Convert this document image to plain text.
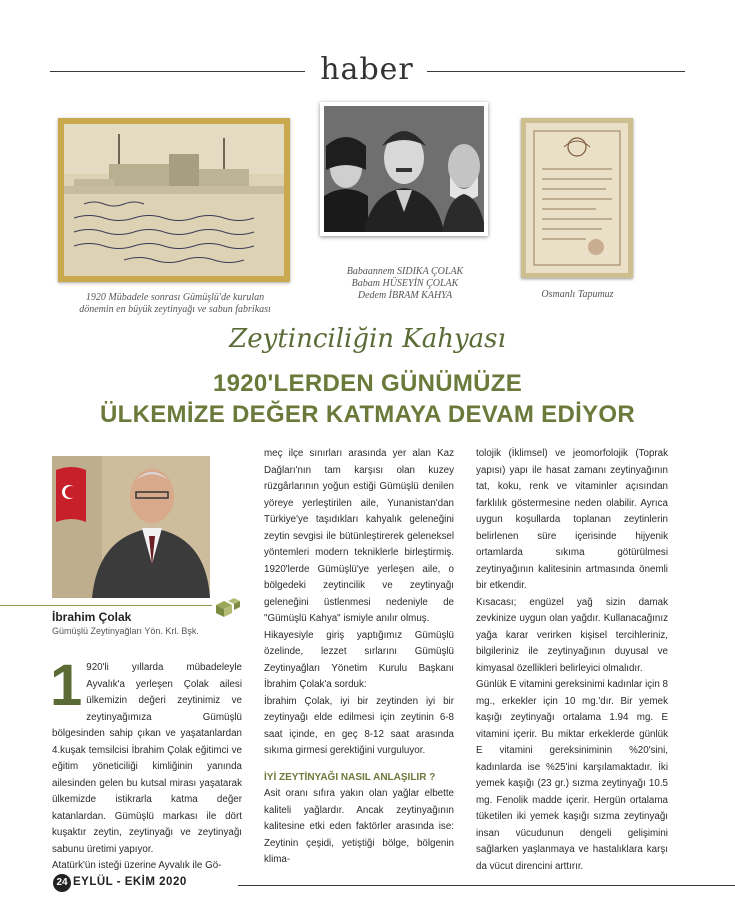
haber
1920 Mübadele sonrası Gümüşlü'de kurulan
dönemin en büyük zeytinyağı ve sabun fabrikası
Babaannem SIDIKA ÇOLAK
Babam HÜSEYİN ÇOLAK
Dedem İBRAM KAHYA	Osmanlı Tapumuz
Zeytinciliğin Kahyası
1920'LERDEN GÜNÜMÜZE
ÜLKEMİZE DEĞER KATMAYA DEVAM EDİYOR
İbrahim Çolak
Gümüşlü Zeytinyağları Yön. Krl. Bşk.

1 920'li yıllarda mübadeleyle Ayvalık'a yerleşen Çolak ailesi ülkemizin değeri zeytinimiz ve zeytinyağımıza Gümüşlü bölgesinden sahip çıkan ve yaşatanlardan 4.kuşak temsilcisi İbrahim Çolak eğitimci ve eğitim yöneticiliği kimliğinin yanında ailesinden gelen bu kutsal mirası yaşatarak ülkemizde istikrarla katma değer katanlardan. Gümüşlü markası ile dört kuşaktır zeytin, zeytinyağı ve zeytinyağı sabunu üretimi yapıyor.

Atatürk'ün isteği üzerine Ayvalık ile Gö-

meç ilçe sınırları arasında yer alan Kaz Dağları'nın tam karşısı olan kuzey rüzgârlarının yoğun estiği Gümüşlü denilen yöreye yerleştirilen aile, Yunanistan'dan Türkiye'ye taşıdıkları kahyalık geleneğini zeytin sevgisi ile bütünleştirerek geleneksel yöntemleri modern tekniklerle birleştirmiş. 1920'lerde Gümüşlü'ye yerleşen aile, o bölgedeki zeytincilik ve zeytinyağı geleneğini üstlenmesi nedeniyle de "Gümüşlü Kahya" ismiyle anılır olmuş.

Hikayesiyle giriş yaptığımız Gümüşlü özelinde, lezzet sırlarını Gümüşlü Zeytinyağları Yönetim Kurulu Başkanı İbrahim Çolak'a sorduk:

İbrahim Çolak, iyi bir zeytinden iyi bir zeytinyağı elde edilmesi için zeytinin 6-8 saat içinde, en geç 8-12 saat arasında sıkıma girmesi gerektiğini vurguluyor.

İYİ ZEYTİNYAĞI NASIL ANLAŞILIR ?

Asit oranı sıfıra yakın olan yağlar elbette kaliteli yağlardır. Ancak zeytinyağının kalitesine etki eden faktörler arasında ise: Zeytinin çeşidi, yetiştiği bölge, bölgenin klima-

tolojik (İklimsel) ve jeomorfolojik (Toprak yapısı) yapı ile hasat zamanı zeytinyağının tat, koku, renk ve vitaminler açısından farklılık göstermesine neden olabilir. Ayrıca uygun koşullarda toplanan zeytinlerin belirlenen süre içerisinde hijyenik ortamlarda sıkıma götürülmesi zeytinyağının kalitesinin artmasında önemli bir etkendir.

Kısacası; engüzel yağ sizin damak zevkinize uygun olan yağdır. Kullanacağınız yağa karar verirken kişisel tercihleriniz, bilgileriniz ile zeytinyağının duyusal ve kimyasal özellikleri belirleyici olmalıdır.

Günlük E vitamini gereksinimi kadınlar için 8 mg., erkekler için 10 mg.'dır. Bir yemek kaşığı zeytinyağı ortalama 1.94 mg. E vitamini içerir. Bu miktar erkeklerde günlük E vitamini gereksiniminin %20'sini, kadınlarda ise %25'ini karşılamaktadır. İki yemek kaşığı (23 gr.) sızma zeytinyağı 10.5 mg. Fenolik madde içerir. Hergün ortalama tüketilen iki yemek kaşığı sızma zeytinyağı insan vücudunun dengeli gelişimini sağlarken yaşlanmaya ve hastalıklara karşı da vücut direncini arttırır.

24 EYLÜL - EKİM 2020
